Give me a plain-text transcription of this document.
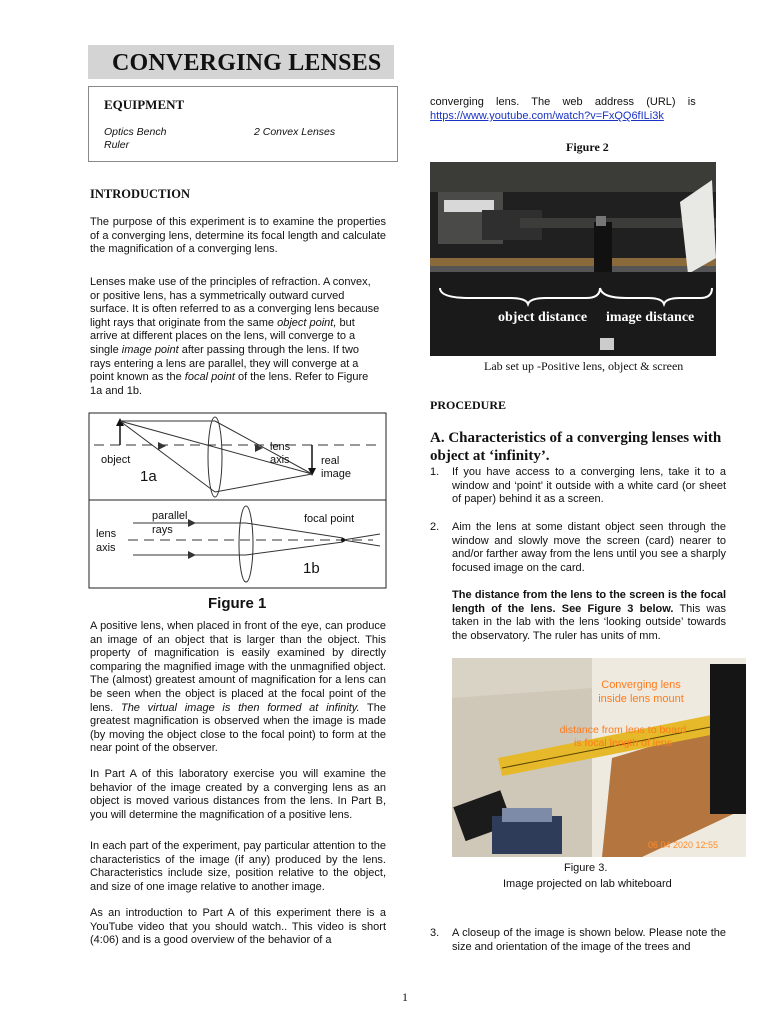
CONVERGING LENSES
EQUIPMENT
Optics Bench
Ruler
2 Convex Lenses
INTRODUCTION
The purpose of this experiment is to examine the properties of a converging lens, determine its focal length and calculate the magnification of a converging lens.
Lenses make use of the principles of refraction. A convex,
or positive lens, has a symmetrically outward curved
surface. It is often referred to as a converging lens because
light rays that originate from the same object point, but
arrive at different places on the lens, will converge to a
single image point after passing through the lens. If two
rays entering a lens are parallel, they will converge at a
point known as the focal point of the lens. Refer to Figure
1a and 1b.
object
lens
axis	real
image
1a
parallel
rays
focal point
lens
axis
1b
Figure 1
A positive lens, when placed in front of the eye, can produce an image of an object that is larger than the object. This property of magnification is easily examined by directly comparing the magnified image with the unmagnified object. The (almost) greatest amount of magnification for a lens can be seen when the object is placed at the focal point of the lens. The virtual image is then formed at infinity. The greatest magnification is observed when the image is made (by moving the object close to the focal point) to form at the near point of the observer.
In Part A of this laboratory exercise you will examine the behavior of the image created by a converging lens as an object is moved various distances from the lens. In Part B, you will determine the magnification of a positive lens.
In each part of the experiment, pay particular attention to the characteristics of the image (if any) produced by the lens. Characteristics include size, position relative to the object, and size of one image relative to another image.
As an introduction to Part A of this experiment there is a YouTube video that you should watch.. This video is short (4:06) and is a good overview of the behavior of a
converging    lens.    The    web    address    (URL)    is
https://www.youtube.com/watch?v=FxQQ6fILi3k
Figure 2
object distance image distance
Lab set up -Positive lens, object & screen
PROCEDURE
A. Characteristics of a converging lenses with object at ‘infinity’.
1. If you have access to a converging lens, take it to a window and ‘point’ it outside with a white card (or sheet of paper) behind it as a screen.
2. Aim the lens at some distant object seen through the window and slowly move the screen (card) nearer to and/or farther away from the lens until you see a sharply focused image on the card.
The distance from the lens to the screen is the focal length of the lens. See Figure 3 below. This was taken in the lab with the lens ‘looking outside’ towards the observatory. The ruler has units of mm.
Converging lens
inside lens mount
distance from lens to board
is focal length of lens
06 04 2020 12:55
Figure 3.
Image projected on lab whiteboard
3. A closeup of the image is shown below. Please note the size and orientation of the image of the trees and
1
